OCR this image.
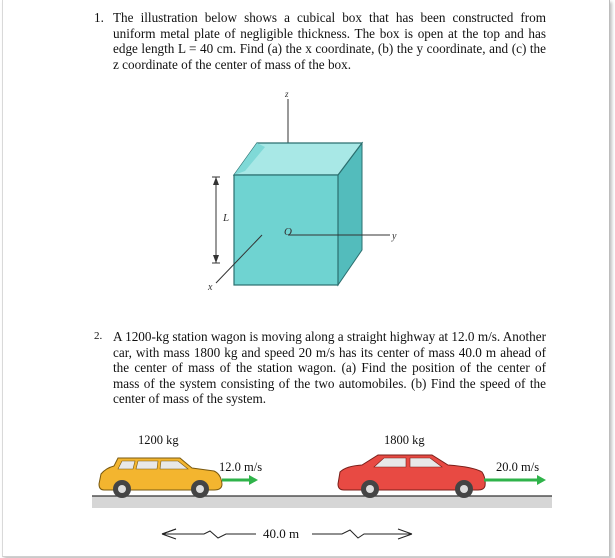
1. The illustration below shows a cubical box that has been constructed from uniform metal plate of negligible thickness. The box is open at the top and has edge length L = 40 cm. Find (a) the x coordinate, (b) the y coordinate, and (c) the z coordinate of the center of mass of the box.
z
y
x
L
O
2. A 1200-kg station wagon is moving along a straight highway at 12.0 m/s. Another car, with mass 1800 kg and speed 20 m/s has its center of mass 40.0 m ahead of the center of mass of the station wagon. (a) Find the position of the center of mass of the system consisting of the two automobiles. (b) Find the speed of the center of mass of the system.
1200 kg
12.0 m/s
1800 kg
20.0 m/s
40.0 m
